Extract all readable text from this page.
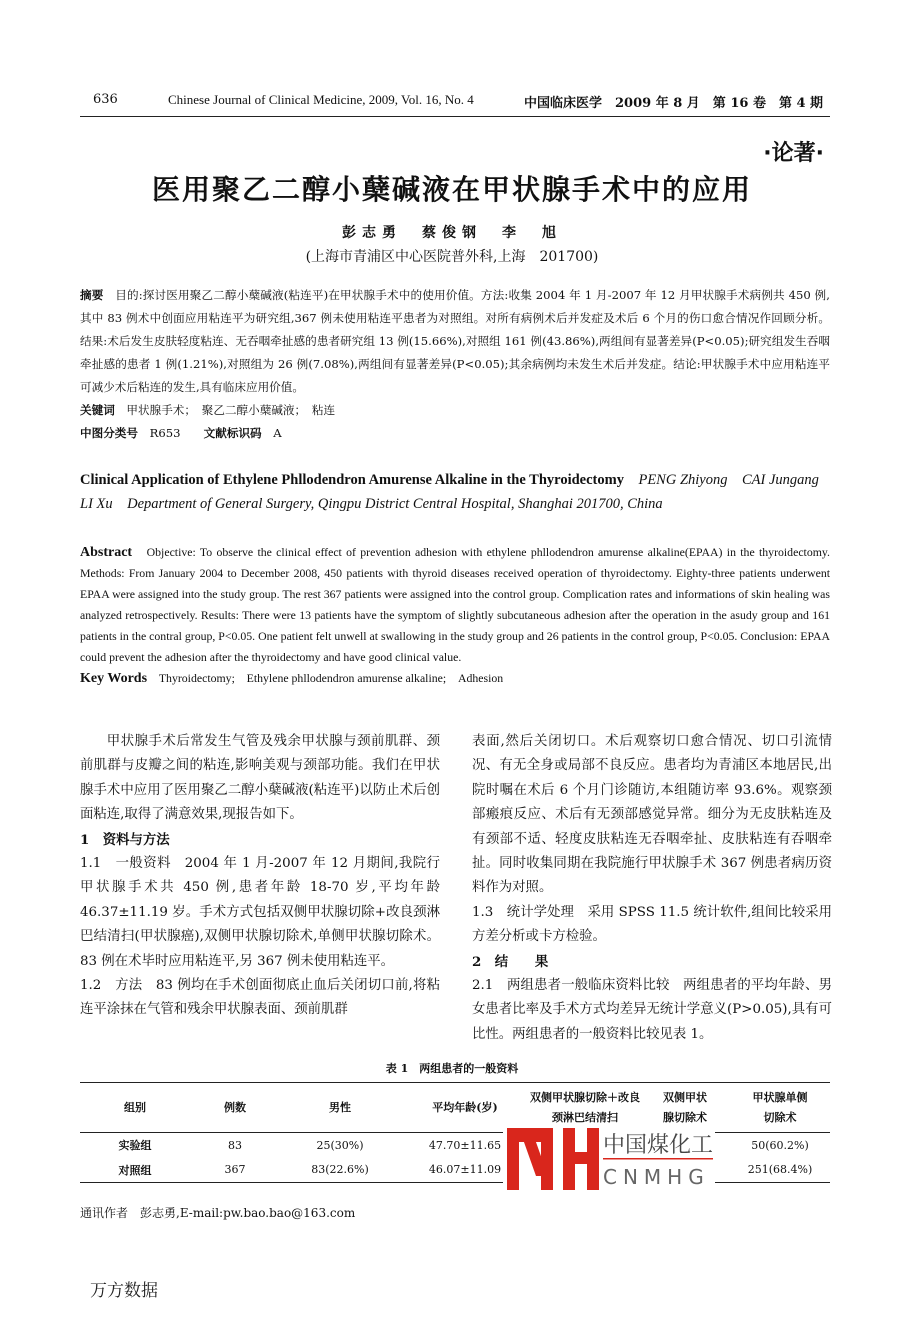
636	Chinese Journal of Clinical Medicine, 2009, Vol. 16, No. 4	中国临床医学　2009 年 8 月　第 16 卷　第 4 期
·论著·
医用聚乙二醇小蘖碱液在甲状腺手术中的应用
彭志勇　蔡俊钢　李　旭
(上海市青浦区中心医院普外科,上海　201700)
摘要　 目的:探讨医用聚乙二醇小蘖碱液(粘连平)在甲状腺手术中的使用价值。方法:收集 2004 年 1 月-2007 年 12 月甲状腺手术病例共 450 例,其中 83 例术中创面应用粘连平为研究组,367 例未使用粘连平患者为对照组。对所有病例术后并发症及术后 6 个月的伤口愈合情况作回顾分析。结果:术后发生皮肤轻度粘连、无吞咽牵扯感的患者研究组 13 例(15.66%),对照组 161 例(43.86%),两组间有显著差异(P<0.05);研究组发生吞咽牵扯感的患者 1 例(1.21%),对照组为 26 例(7.08%),两组间有显著差异(P<0.05);其余病例均未发生术后并发症。结论:甲状腺手术中应用粘连平可减少术后粘连的发生,具有临床应用价值。
关键词　 甲状腺手术；　聚乙二醇小蘖碱液；　粘连
中图分类号　 R653　　 文献标识码　 A
Clinical Application of Ethylene Phllodendron Amurense Alkaline in the Thyroidectomy　 PENG Zhiyong　CAI Jungang　LI Xu　 Department of General Surgery, Qingpu District Central Hospital, Shanghai 201700, China
Abstract　 Objective: To observe the clinical effect of prevention adhesion with ethylene phllodendron amurense alkaline(EPAA) in the thyroidectomy. Methods: From January 2004 to December 2008, 450 patients with thyroid diseases received operation of thyroidectomy. Eighty-three patients underwent EPAA were assigned into the study group. The rest 367 patients were assigned into the control group. Complication rates and informations of skin healing was analyzed retrospectively. Results: There were 13 patients have the symptom of slightly subcutaneous adhesion after the operation in the asudy group and 161 patients in the contral group, P<0.05. One patient felt unwell at swallowing in the study group and 26 patients in the control group, P<0.05. Conclusion: EPAA could prevent the adhesion after the thyroidectomy and have good clinical value.
Key Words　 Thyroidectomy;　Ethylene phllodendron amurense alkaline;　Adhesion

甲状腺手术后常发生气管及残余甲状腺与颈前肌群、颈前肌群与皮瓣之间的粘连,影响美观与颈部功能。我们在甲状腺手术中应用了医用聚乙二醇小蘖碱液(粘连平)以防止术后创面粘连,取得了满意效果,现报告如下。

1　资料与方法

1.1　一般资料　2004 年 1 月-2007 年 12 月期间,我院行甲状腺手术共 450 例,患者年龄 18-70 岁,平均年龄 46.37±11.19 岁。手术方式包括双侧甲状腺切除+改良颈淋巴结清扫(甲状腺癌),双侧甲状腺切除术,单侧甲状腺切除术。83 例在术毕时应用粘连平,另 367 例未使用粘连平。

1.2　方法　83 例均在手术创面彻底止血后关闭切口前,将粘连平涂抹在气管和残余甲状腺表面、颈前肌群

表面,然后关闭切口。术后观察切口愈合情况、切口引流情况、有无全身或局部不良反应。患者均为青浦区本地居民,出院时嘱在术后 6 个月门诊随访,本组随访率 93.6%。观察颈部瘢痕反应、术后有无颈部感觉异常。细分为无皮肤粘连及有颈部不适、轻度皮肤粘连无吞咽牵扯、皮肤粘连有吞咽牵扯。同时收集同期在我院施行甲状腺手术 367 例患者病历资料作为对照。

1.3　统计学处理　采用 SPSS 11.5 统计软件,组间比较采用方差分析或卡方检验。

2　结　　果

2.1　两组患者一般临床资料比较　两组患者的平均年龄、男女患者比率及手术方式均差异无统计学意义(P>0.05),具有可比性。两组患者的一般资料比较见表 1。

表 1　两组患者的一般资料
组别	例数	男性	平均年龄(岁)	双侧甲状腺切除＋改良颈淋巴结清扫	双侧甲状腺切除术	甲状腺单侧切除术
实验组	83	25(30%)	47.70±11.65			50(60.2%)
对照组	367	83(22.6%)	46.07±11.09			251(68.4%)
中国煤化工
CNMHG
通讯作者　彭志勇,E-mail:pw.bao.bao@163.com
万方数据
